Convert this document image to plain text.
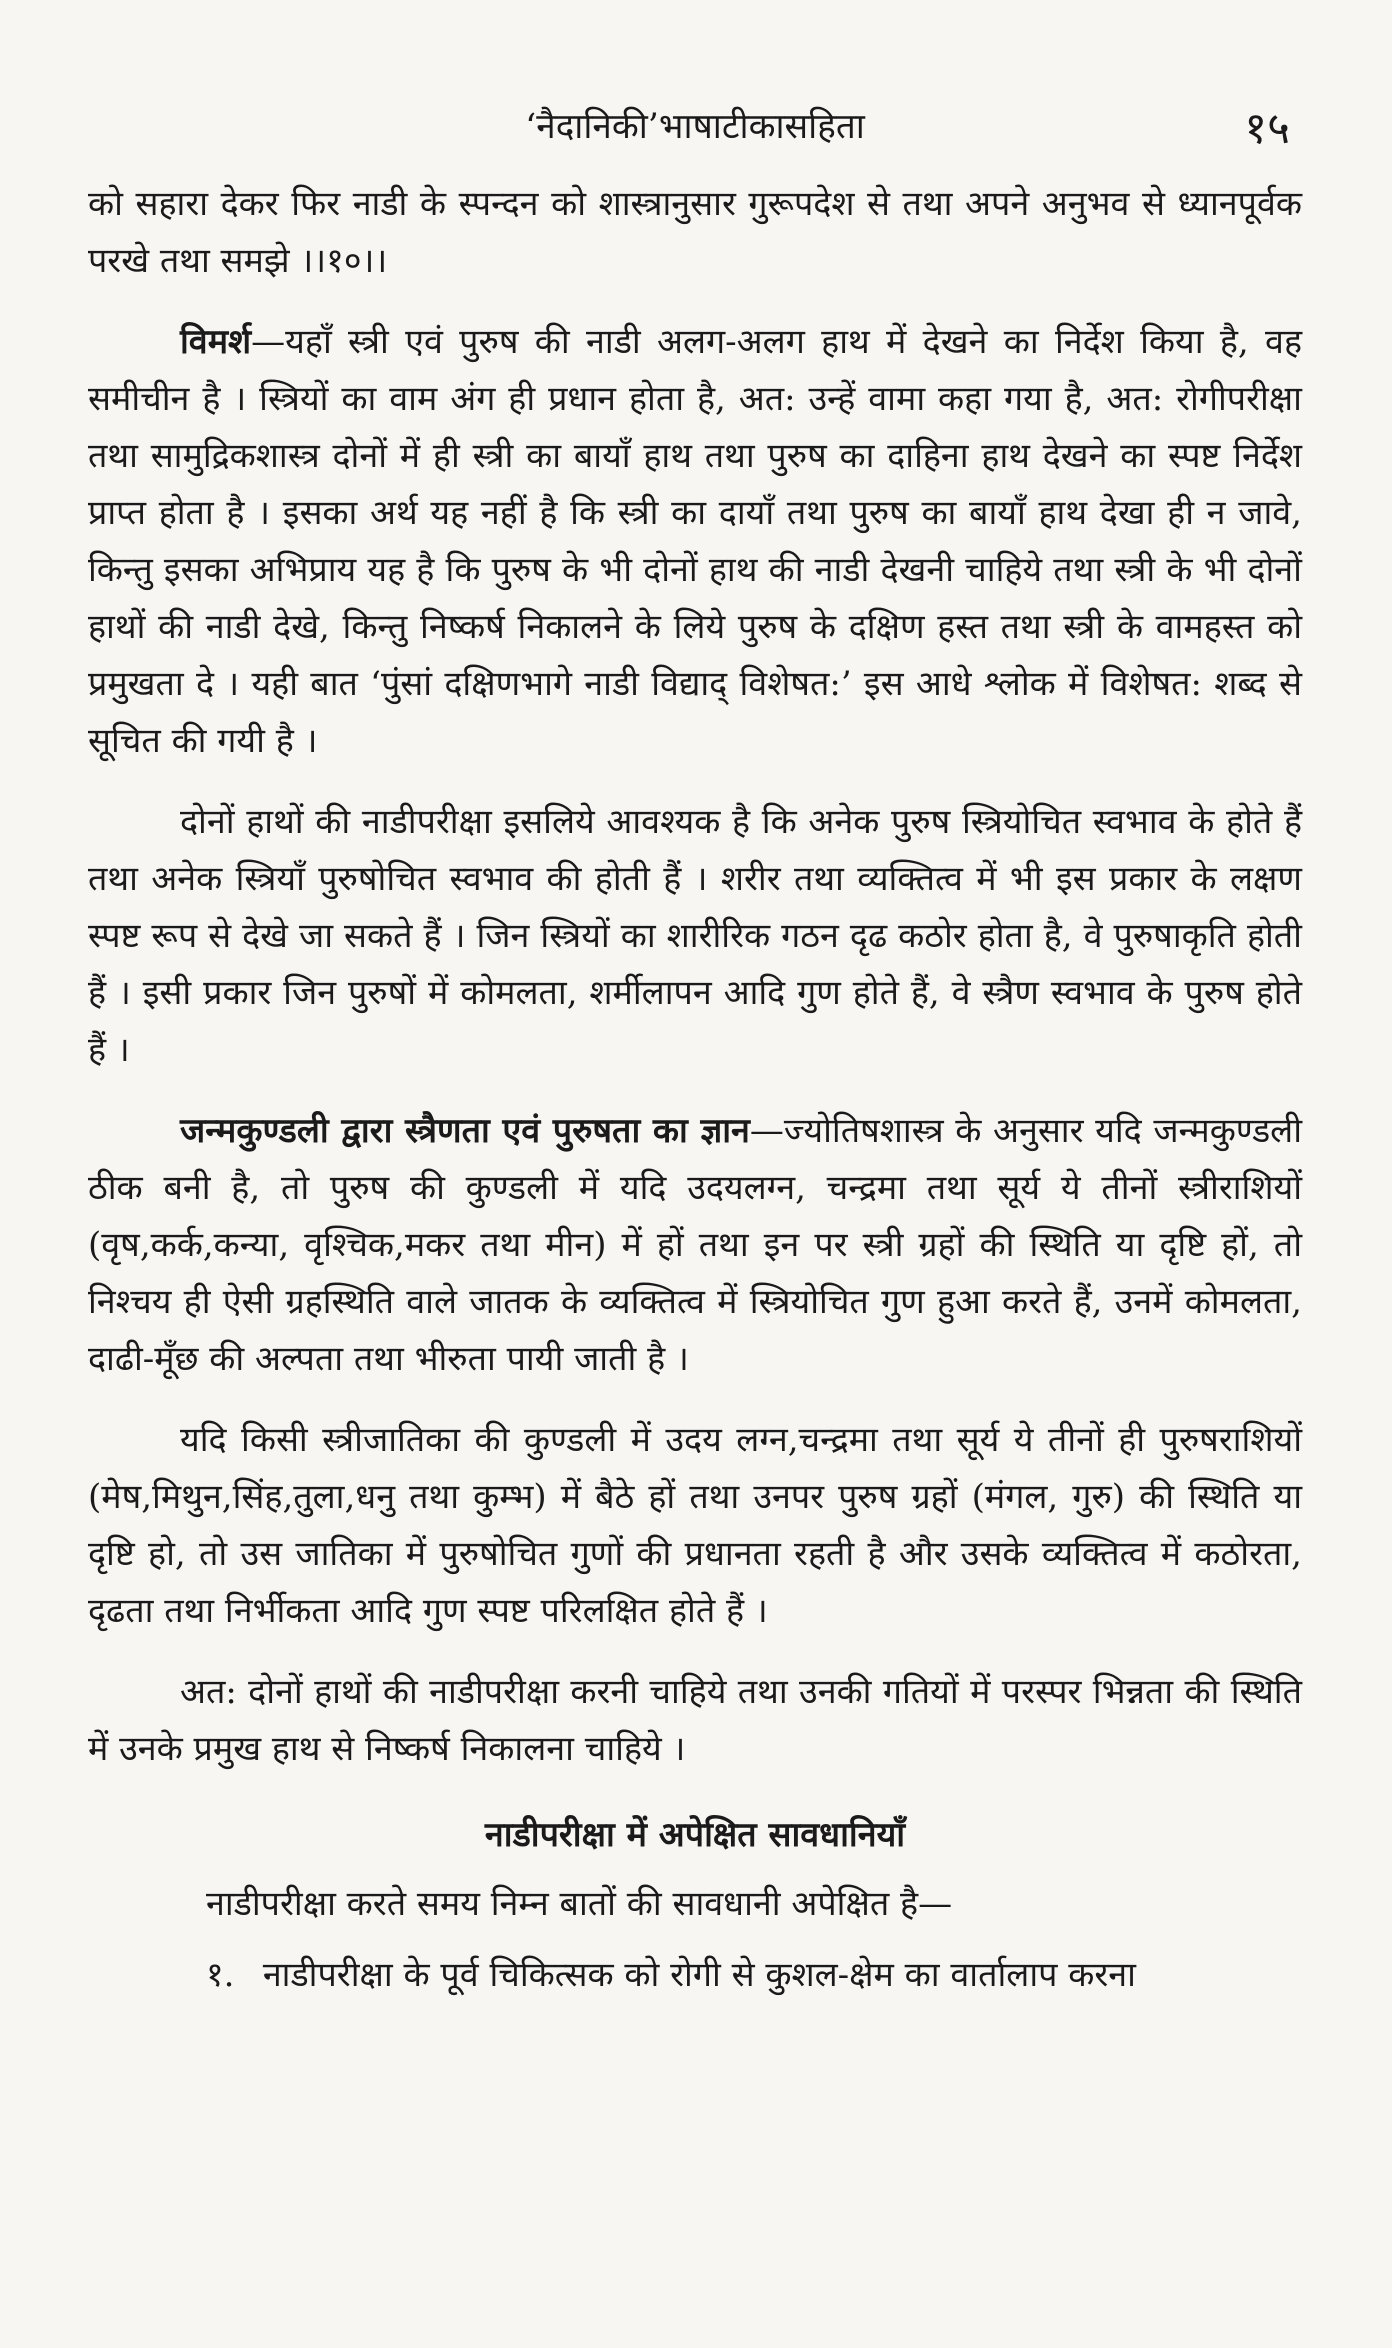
‘नैदानिकी’भाषाटीकासहिता	१५

को सहारा देकर फिर नाडी के स्पन्दन को शास्त्रानुसार गुरूपदेश से तथा अपने अनुभव से ध्यानपूर्वक परखे तथा समझे ।।१०।।

विमर्श—यहाँ स्त्री एवं पुरुष की नाडी अलग-अलग हाथ में देखने का निर्देश किया है, वह समीचीन है । स्त्रियों का वाम अंग ही प्रधान होता है, अत: उन्हें वामा कहा गया है, अत: रोगीपरीक्षा तथा सामुद्रिकशास्त्र दोनों में ही स्त्री का बायाँ हाथ तथा पुरुष का दाहिना हाथ देखने का स्पष्ट निर्देश प्राप्त होता है । इसका अर्थ यह नहीं है कि स्त्री का दायाँ तथा पुरुष का बायाँ हाथ देखा ही न जावे, किन्तु इसका अभिप्राय यह है कि पुरुष के भी दोनों हाथ की नाडी देखनी चाहिये तथा स्त्री के भी दोनों हाथों की नाडी देखे, किन्तु निष्कर्ष निकालने के लिये पुरुष के दक्षिण हस्त तथा स्त्री के वामहस्त को प्रमुखता दे । यही बात ‘पुंसां दक्षिणभागे नाडी विद्याद् विशेषत:’ इस आधे श्लोक में विशेषत: शब्द से सूचित की गयी है ।

दोनों हाथों की नाडीपरीक्षा इसलिये आवश्यक है कि अनेक पुरुष स्त्रियोचित स्वभाव के होते हैं तथा अनेक स्त्रियाँ पुरुषोचित स्वभाव की होती हैं । शरीर तथा व्यक्तित्व में भी इस प्रकार के लक्षण स्पष्ट रूप से देखे जा सकते हैं । जिन स्त्रियों का शारीरिक गठन दृढ कठोर होता है, वे पुरुषाकृति होती हैं । इसी प्रकार जिन पुरुषों में कोमलता, शर्मीलापन आदि गुण होते हैं, वे स्त्रैण स्वभाव के पुरुष होते हैं ।

जन्मकुण्डली द्वारा स्त्रैणता एवं पुरुषता का ज्ञान—ज्योतिषशास्त्र के अनुसार यदि जन्मकुण्डली ठीक बनी है, तो पुरुष की कुण्डली में यदि उदयलग्न, चन्द्रमा तथा सूर्य ये तीनों स्त्रीराशियों (वृष,कर्क,कन्या, वृश्चिक,मकर तथा मीन) में हों तथा इन पर स्त्री ग्रहों की स्थिति या दृष्टि हों, तो निश्चय ही ऐसी ग्रहस्थिति वाले जातक के व्यक्तित्व में स्त्रियोचित गुण हुआ करते हैं, उनमें कोमलता, दाढी-मूँछ की अल्पता तथा भीरुता पायी जाती है ।

यदि किसी स्त्रीजातिका की कुण्डली में उदय लग्न,चन्द्रमा तथा सूर्य ये तीनों ही पुरुषराशियों (मेष,मिथुन,सिंह,तुला,धनु तथा कुम्भ) में बैठे हों तथा उनपर पुरुष ग्रहों (मंगल, गुरु) की स्थिति या दृष्टि हो, तो उस जातिका में पुरुषोचित गुणों की प्रधानता रहती है और उसके व्यक्तित्व में कठोरता, दृढता तथा निर्भीकता आदि गुण स्पष्ट परिलक्षित होते हैं ।

अत: दोनों हाथों की नाडीपरीक्षा करनी चाहिये तथा उनकी गतियों में परस्पर भिन्नता की स्थिति में उनके प्रमुख हाथ से निष्कर्ष निकालना चाहिये ।

नाडीपरीक्षा में अपेक्षित सावधानियाँ

नाडीपरीक्षा करते समय निम्न बातों की सावधानी अपेक्षित है—

१. नाडीपरीक्षा के पूर्व चिकित्सक को रोगी से कुशल-क्षेम का वार्तालाप करना
